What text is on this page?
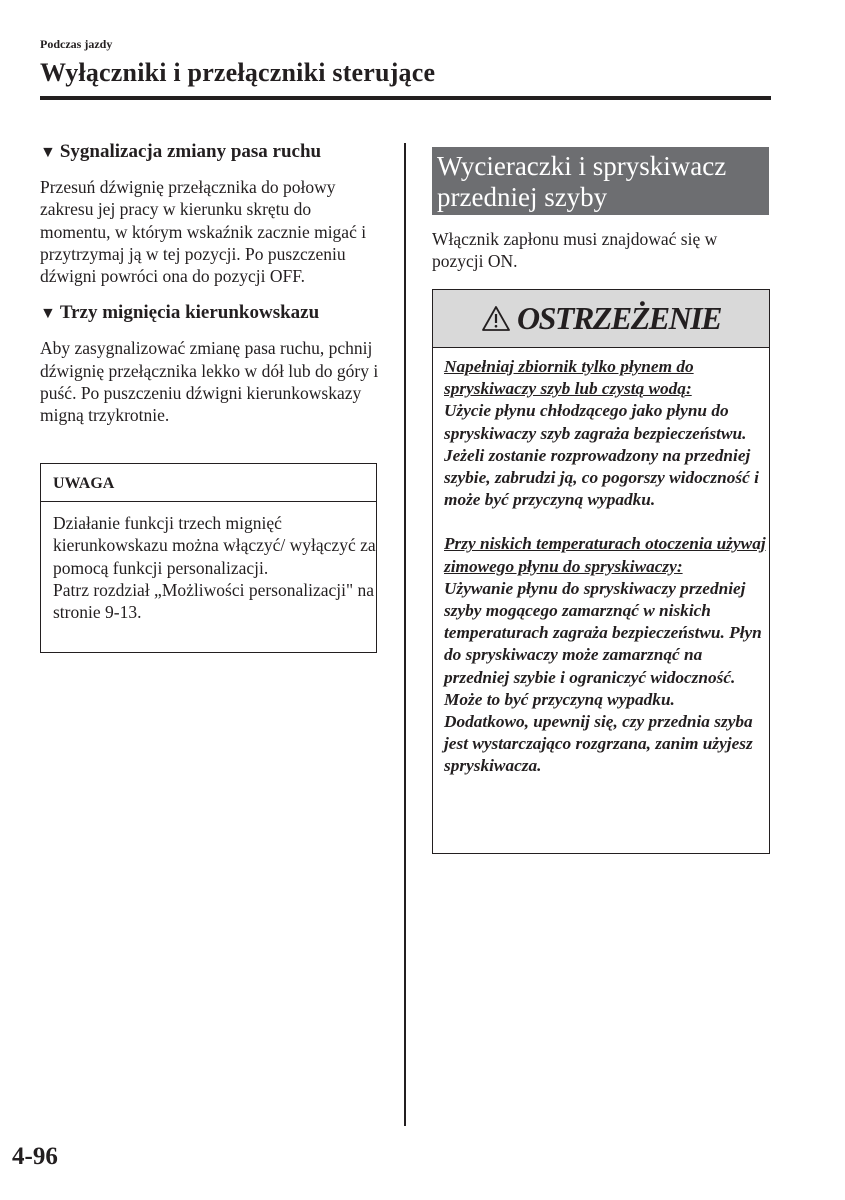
Podczas jazdy
Wyłączniki i przełączniki sterujące
▼ Sygnalizacja zmiany pasa ruchu

Przesuń dźwignię przełącznika do połowy zakresu jej pracy w kierunku skrętu do momentu, w którym wskaźnik zacznie migać i przytrzymaj ją w tej pozycji. Po puszczeniu dźwigni powróci ona do pozycji OFF.

▼ Trzy mignięcia kierunkowskazu

Aby zasygnalizować zmianę pasa ruchu, pchnij dźwignię przełącznika lekko w dół lub do góry i puść. Po puszczeniu dźwigni kierunkowskazy migną trzykrotnie.

UWAGA

Działanie funkcji trzech mignięć kierunkowskazu można włączyć/ wyłączyć za pomocą funkcji personalizacji.

Patrz rozdział „Możliwości personalizacji" na stronie 9-13.

Wycieraczki i spryskiwacz przedniej szyby

Włącznik zapłonu musi znajdować się w pozycji ON.

OSTRZEŻENIE

Napełniaj zbiornik tylko płynem do spryskiwaczy szyb lub czystą wodą:

Użycie płynu chłodzącego jako płynu do spryskiwaczy szyb zagraża bezpieczeństwu. Jeżeli zostanie rozprowadzony na przedniej szybie, zabrudzi ją, co pogorszy widoczność i może być przyczyną wypadku.

Przy niskich temperaturach otoczenia używaj zimowego płynu do spryskiwaczy:

Używanie płynu do spryskiwaczy przedniej szyby mogącego zamarznąć w niskich temperaturach zagraża bezpieczeństwu. Płyn do spryskiwaczy może zamarznąć na przedniej szybie i ograniczyć widoczność. Może to być przyczyną wypadku.

Dodatkowo, upewnij się, czy przednia szyba jest wystarczająco rozgrzana, zanim użyjesz spryskiwacza.

4-96
